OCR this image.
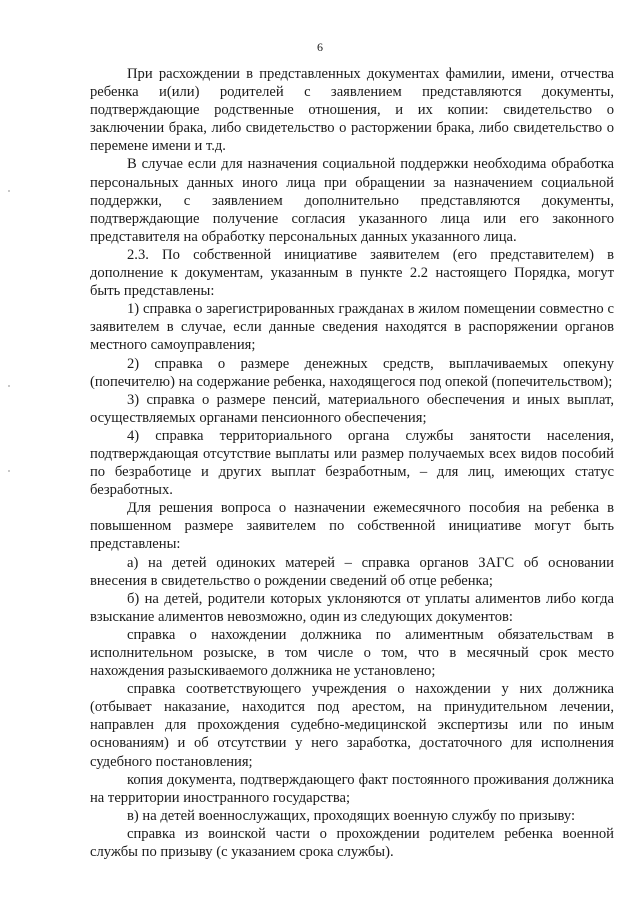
6

При расхождении в представленных документах фамилии, имени, отчества ребенка и(или) родителей с заявлением представляются документы, подтверждающие родственные отношения, и их копии: свидетельство о заключении брака, либо свидетельство о расторжении брака, либо свидетельство о перемене имени и т.д.

В случае если для назначения социальной поддержки необходима обработка персональных данных иного лица при обращении за назначением социальной поддержки, с заявлением дополнительно представляются документы, подтверждающие получение согласия указанного лица или его законного представителя на обработку персональных данных указанного лица.

2.3. По собственной инициативе заявителем (его представителем) в дополнение к документам, указанным в пункте 2.2 настоящего Порядка, могут быть представлены:

1) справка о зарегистрированных гражданах в жилом помещении совместно с заявителем в случае, если данные сведения находятся в распоряжении органов местного самоуправления;

2) справка о размере денежных средств, выплачиваемых опекуну (попечителю) на содержание ребенка, находящегося под опекой (попечительством);

3) справка о размере пенсий, материального обеспечения и иных выплат, осуществляемых органами пенсионного обеспечения;

4) справка территориального органа службы занятости населения, подтверждающая отсутствие выплаты или размер получаемых всех видов пособий по безработице и других выплат безработным, – для лиц, имеющих статус безработных.

Для решения вопроса о назначении ежемесячного пособия на ребенка в повышенном размере заявителем по собственной инициативе могут быть представлены:

а) на детей одиноких матерей – справка органов ЗАГС об основании внесения в свидетельство о рождении сведений об отце ребенка;

б) на детей, родители которых уклоняются от уплаты алиментов либо когда взыскание алиментов невозможно, один из следующих документов:

справка о нахождении должника по алиментным обязательствам в исполнительном розыске, в том числе о том, что в месячный срок место нахождения разыскиваемого должника не установлено;

справка соответствующего учреждения о нахождении у них должника (отбывает наказание, находится под арестом, на принудительном лечении, направлен для прохождения судебно-медицинской экспертизы или по иным основаниям) и об отсутствии у него заработка, достаточного для исполнения судебного постановления;

копия документа, подтверждающего факт постоянного проживания должника на территории иностранного государства;

в) на детей военнослужащих, проходящих военную службу по призыву:

справка из воинской части о прохождении родителем ребенка военной службы по призыву (с указанием срока службы).
